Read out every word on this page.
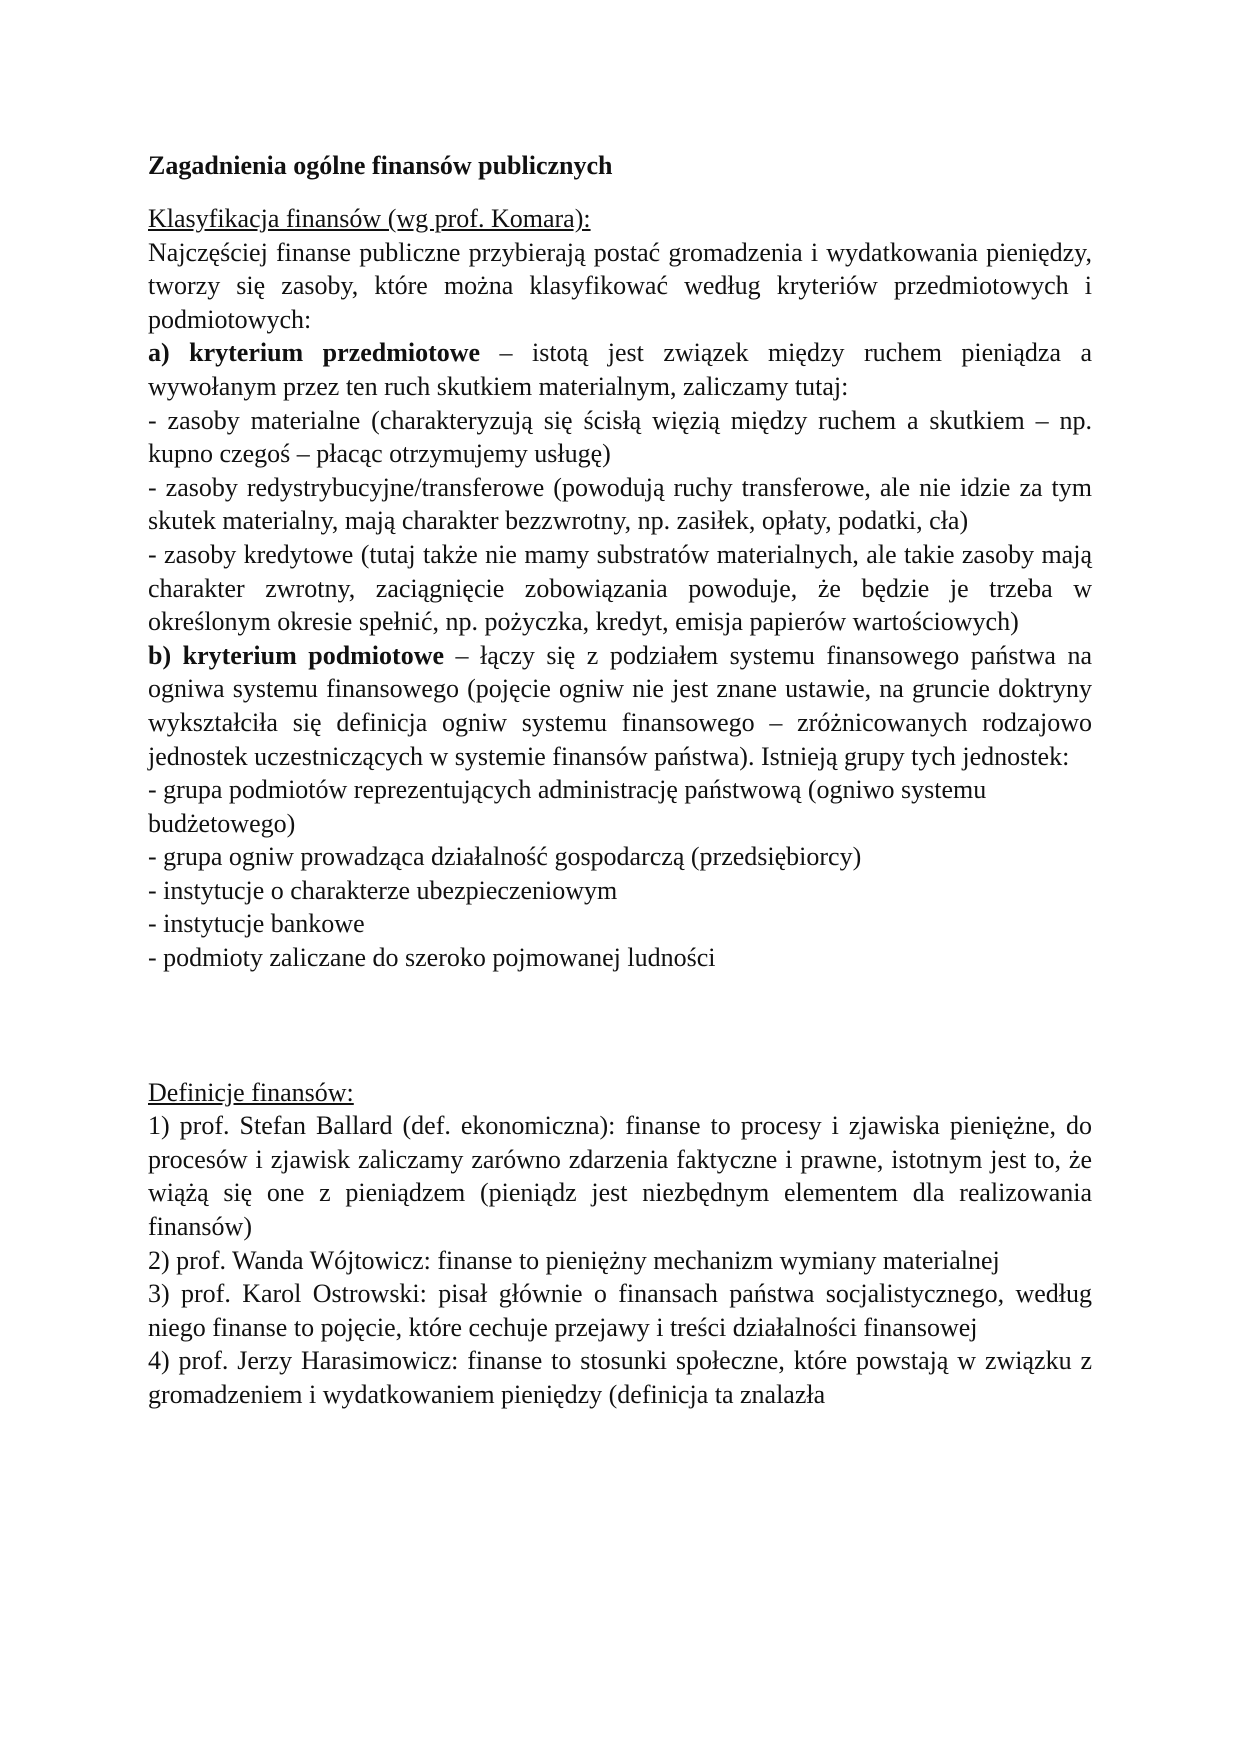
Zagadnienia ogólne finansów publicznych
Klasyfikacja finansów (wg prof. Komara):

Najczęściej finanse publiczne przybierają postać gromadzenia i wydatkowania pieniędzy, tworzy się zasoby, które można klasyfikować według kryteriów przedmiotowych i podmiotowych:

a) kryterium przedmiotowe – istotą jest związek między ruchem pieniądza a wywołanym przez ten ruch skutkiem materialnym, zaliczamy tutaj:

- zasoby materialne (charakteryzują się ścisłą więzią między ruchem a skutkiem – np. kupno czegoś – płacąc otrzymujemy usługę)

- zasoby redystrybucyjne/transferowe (powodują ruchy transferowe, ale nie idzie za tym skutek materialny, mają charakter bezzwrotny, np. zasiłek, opłaty, podatki, cła)

- zasoby kredytowe (tutaj także nie mamy substratów materialnych, ale takie zasoby mają charakter zwrotny, zaciągnięcie zobowiązania powoduje, że będzie je trzeba w określonym okresie spełnić, np. pożyczka, kredyt, emisja papierów wartościowych)

b) kryterium podmiotowe – łączy się z podziałem systemu finansowego państwa na ogniwa systemu finansowego (pojęcie ogniw nie jest znane ustawie, na gruncie doktryny wykształciła się definicja ogniw systemu finansowego – zróżnicowanych rodzajowo jednostek uczestniczących w systemie finansów państwa). Istnieją grupy tych jednostek:

- grupa podmiotów reprezentujących administrację państwową (ogniwo systemu budżetowego)

- grupa ogniw prowadząca działalność gospodarczą (przedsiębiorcy)

- instytucje o charakterze ubezpieczeniowym

- instytucje bankowe

- podmioty zaliczane do szeroko pojmowanej ludności

Definicje finansów:

1) prof. Stefan Ballard (def. ekonomiczna): finanse to procesy i zjawiska pieniężne, do procesów i zjawisk zaliczamy zarówno zdarzenia faktyczne i prawne, istotnym jest to, że wiążą się one z pieniądzem (pieniądz jest niezbędnym elementem dla realizowania finansów)

2) prof. Wanda Wójtowicz: finanse to pieniężny mechanizm wymiany materialnej

3) prof. Karol Ostrowski: pisał głównie o finansach państwa socjalistycznego, według niego finanse to pojęcie, które cechuje przejawy i treści działalności finansowej

4) prof. Jerzy Harasimowicz: finanse to stosunki społeczne, które powstają w związku z gromadzeniem i wydatkowaniem pieniędzy (definicja ta znalazła
